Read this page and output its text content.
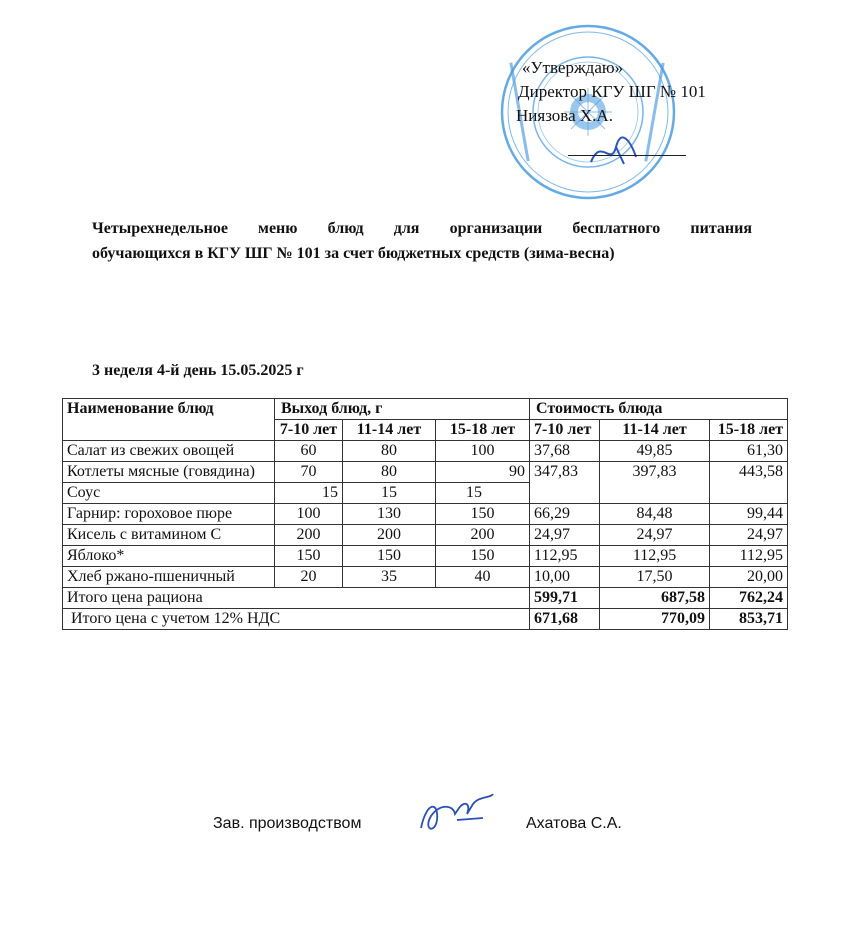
«Утверждаю»
Директор КГУ ШГ № 101
Ниязова Х.А.
Четырехнедельное меню блюд для организации бесплатного питания
обучающихся в КГУ ШГ № 101 за счет бюджетных средств (зима-весна)
3 неделя 4-й день 15.05.2025 г
Наименование блюд	Выход блюд, г			Стоимость блюда		
	7-10 лет	11-14 лет	15-18 лет	7-10 лет	11-14 лет	15-18 лет
Салат из свежих овощей	60	80	100	37,68	49,85	61,30
Котлеты мясные (говядина)	70	80	90	347,83	397,83	443,58
Соус	15	15	15			
Гарнир: гороховое пюре	100	130	150	66,29	84,48	99,44
Кисель с витамином С	200	200	200	24,97	24,97	24,97
Яблоко*	150	150	150	112,95	112,95	112,95
Хлеб ржано-пшеничный	20	35	40	10,00	17,50	20,00
Итого цена рациона				599,71	687,58	762,24
Итого цена с учетом 12% НДС				671,68	770,09	853,71
Зав. производством	Ахатова С.А.
